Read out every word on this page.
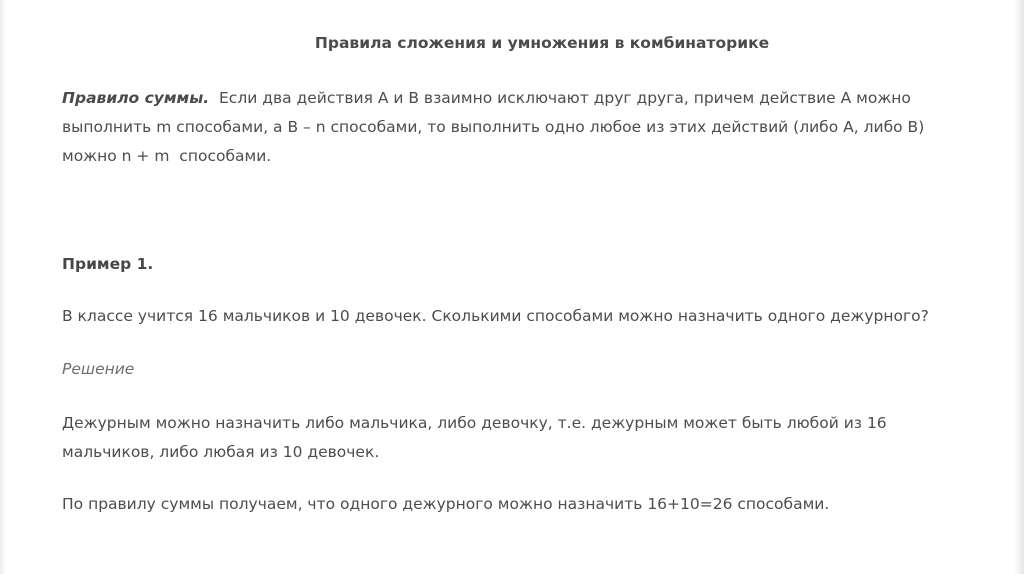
Правила сложения и умножения в комбинаторике
Правило суммы. Если два действия А и В взаимно исключают друг друга, причем действие А можно
выполнить m способами, а В – n способами, то выполнить одно любое из этих действий (либо А, либо В)
можно n + m  способами.
Пример 1.
В классе учится 16 мальчиков и 10 девочек. Сколькими способами можно назначить одного дежурного?
Решение
Дежурным можно назначить либо мальчика, либо девочку, т.е. дежурным может быть любой из 16
мальчиков, либо любая из 10 девочек.
По правилу суммы получаем, что одного дежурного можно назначить 16+10=26 способами.
